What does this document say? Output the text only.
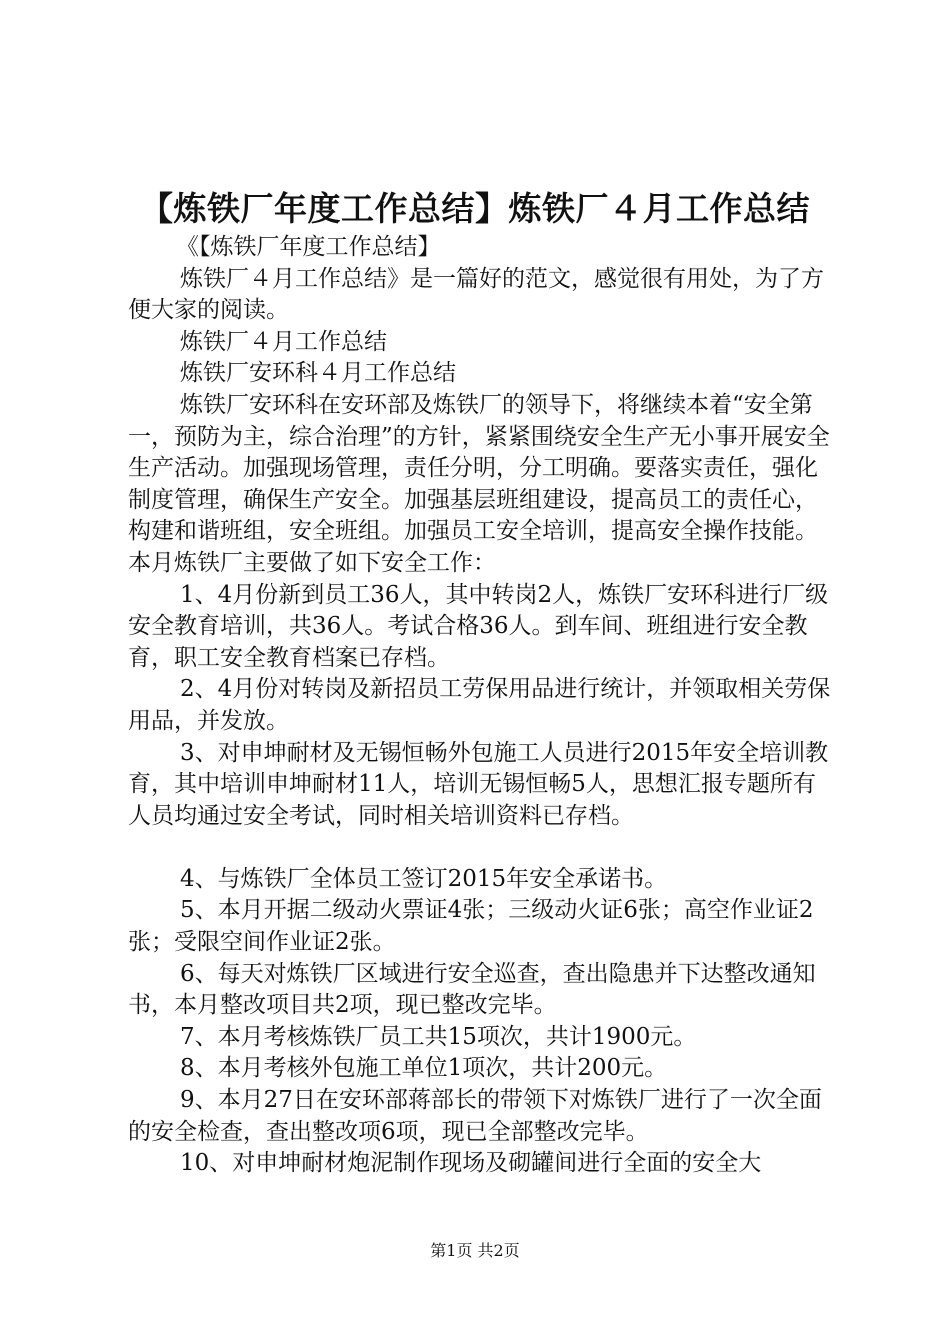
【炼铁厂年度工作总结】炼铁厂４月工作总结

《【炼铁厂年度工作总结】

炼铁厂４月工作总结》是一篇好的范文，感觉很有用处，为了方便大家的阅读。

炼铁厂４月工作总结

炼铁厂安环科４月工作总结

炼铁厂安环科在安环部及炼铁厂的领导下，将继续本着“安全第一，预防为主，综合治理”的方针，紧紧围绕安全生产无小事开展安全生产活动。加强现场管理，责任分明，分工明确。要落实责任，强化制度管理，确保生产安全。加强基层班组建设，提高员工的责任心，构建和谐班组，安全班组。加强员工安全培训，提高安全操作技能。本月炼铁厂主要做了如下安全工作：

1、4月份新到员工36人，其中转岗2人，炼铁厂安环科进行厂级安全教育培训，共36人。考试合格36人。到车间、班组进行安全教育，职工安全教育档案已存档。

2、4月份对转岗及新招员工劳保用品进行统计，并领取相关劳保用品，并发放。

3、对申坤耐材及无锡恒畅外包施工人员进行2015年安全培训教育，其中培训申坤耐材11人，培训无锡恒畅5人，思想汇报专题所有人员均通过安全考试，同时相关培训资料已存档。

4、与炼铁厂全体员工签订2015年安全承诺书。

5、本月开据二级动火票证4张；三级动火证6张；高空作业证2张；受限空间作业证2张。

6、每天对炼铁厂区域进行安全巡查，查出隐患并下达整改通知书，本月整改项目共2项，现已整改完毕。

7、本月考核炼铁厂员工共15项次，共计1900元。

8、本月考核外包施工单位1项次，共计200元。

9、本月27日在安环部蒋部长的带领下对炼铁厂进行了一次全面的安全检查，查出整改项6项，现已全部整改完毕。

10、对申坤耐材炮泥制作现场及砌罐间进行全面的安全大

第1页 共2页
